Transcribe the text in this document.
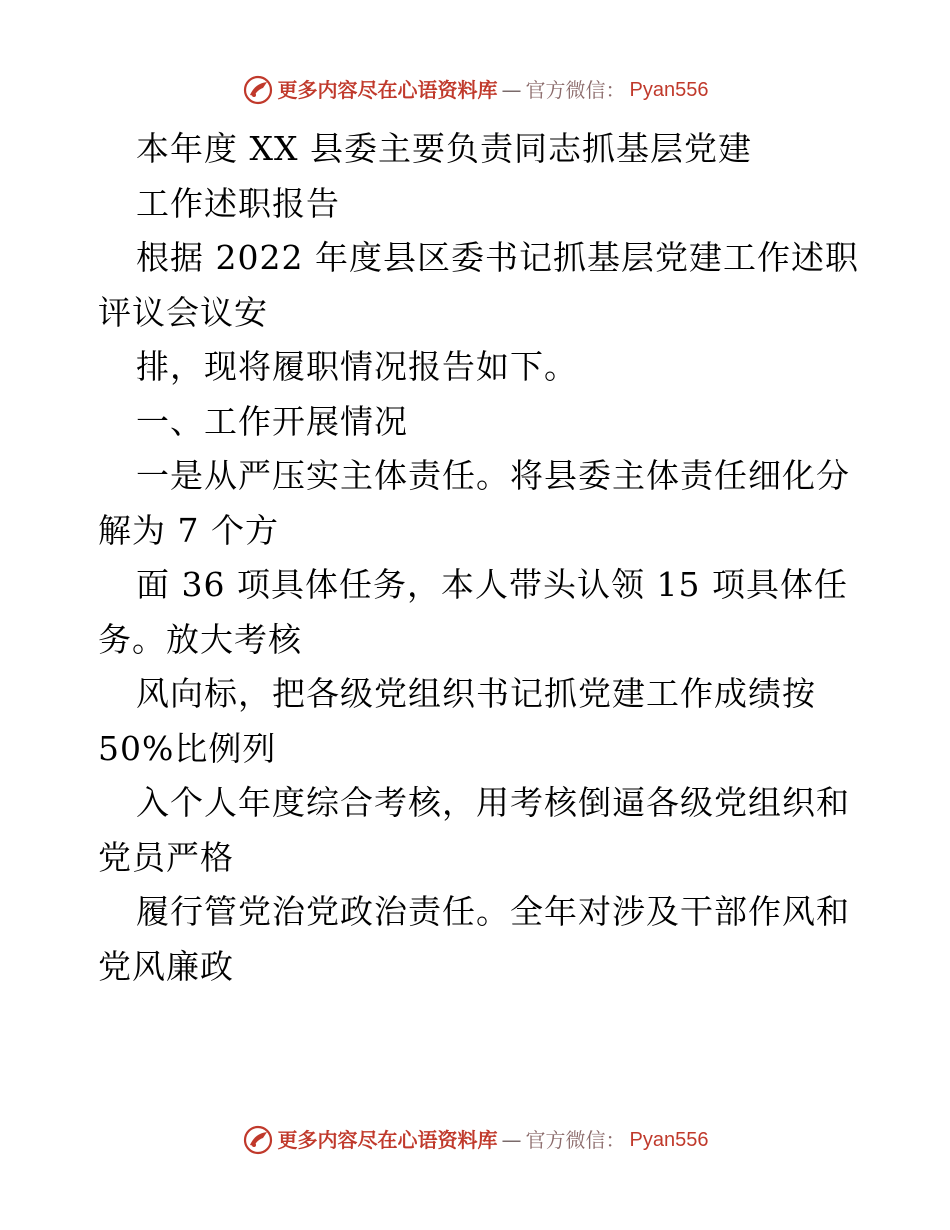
更多内容尽在心语资料库 — 官方微信： Pyan556
本年度 XX 县委主要负责同志抓基层党建
工作述职报告
根据 2022 年度县区委书记抓基层党建工作述职
评议会议安
排，现将履职情况报告如下。
一、工作开展情况
一是从严压实主体责任。将县委主体责任细化分
解为 7 个方
面 36 项具体任务，本人带头认领 15 项具体任
务。放大考核
风向标，把各级党组织书记抓党建工作成绩按
50%比例列
入个人年度综合考核，用考核倒逼各级党组织和
党员严格
履行管党治党政治责任。全年对涉及干部作风和
党风廉政
更多内容尽在心语资料库 — 官方微信： Pyan556
